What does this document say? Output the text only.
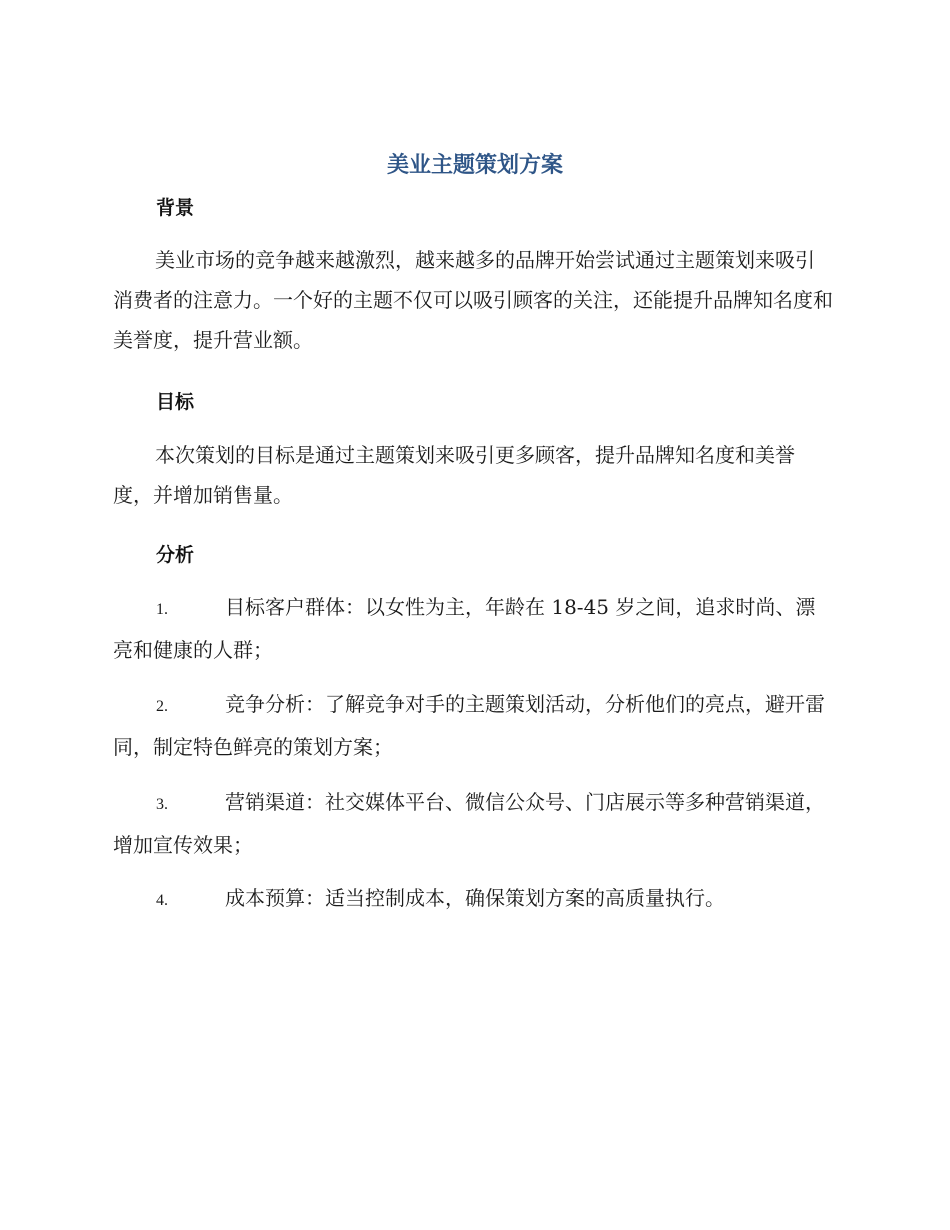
美业主题策划方案
背景

美业市场的竞争越来越激烈，越来越多的品牌开始尝试通过主题策划来吸引消费者的注意力。一个好的主题不仅可以吸引顾客的关注，还能提升品牌知名度和美誉度，提升营业额。

目标

本次策划的目标是通过主题策划来吸引更多顾客，提升品牌知名度和美誉度，并增加销售量。

分析
1.	目标客户群体：以女性为主，年龄在 18-45 岁之间，追求时尚、漂亮和健康的人群；
2.	竞争分析：了解竞争对手的主题策划活动，分析他们的亮点，避开雷同，制定特色鲜亮的策划方案；
3.	营销渠道：社交媒体平台、微信公众号、门店展示等多种营销渠道，增加宣传效果；
4.	成本预算：适当控制成本，确保策划方案的高质量执行。
